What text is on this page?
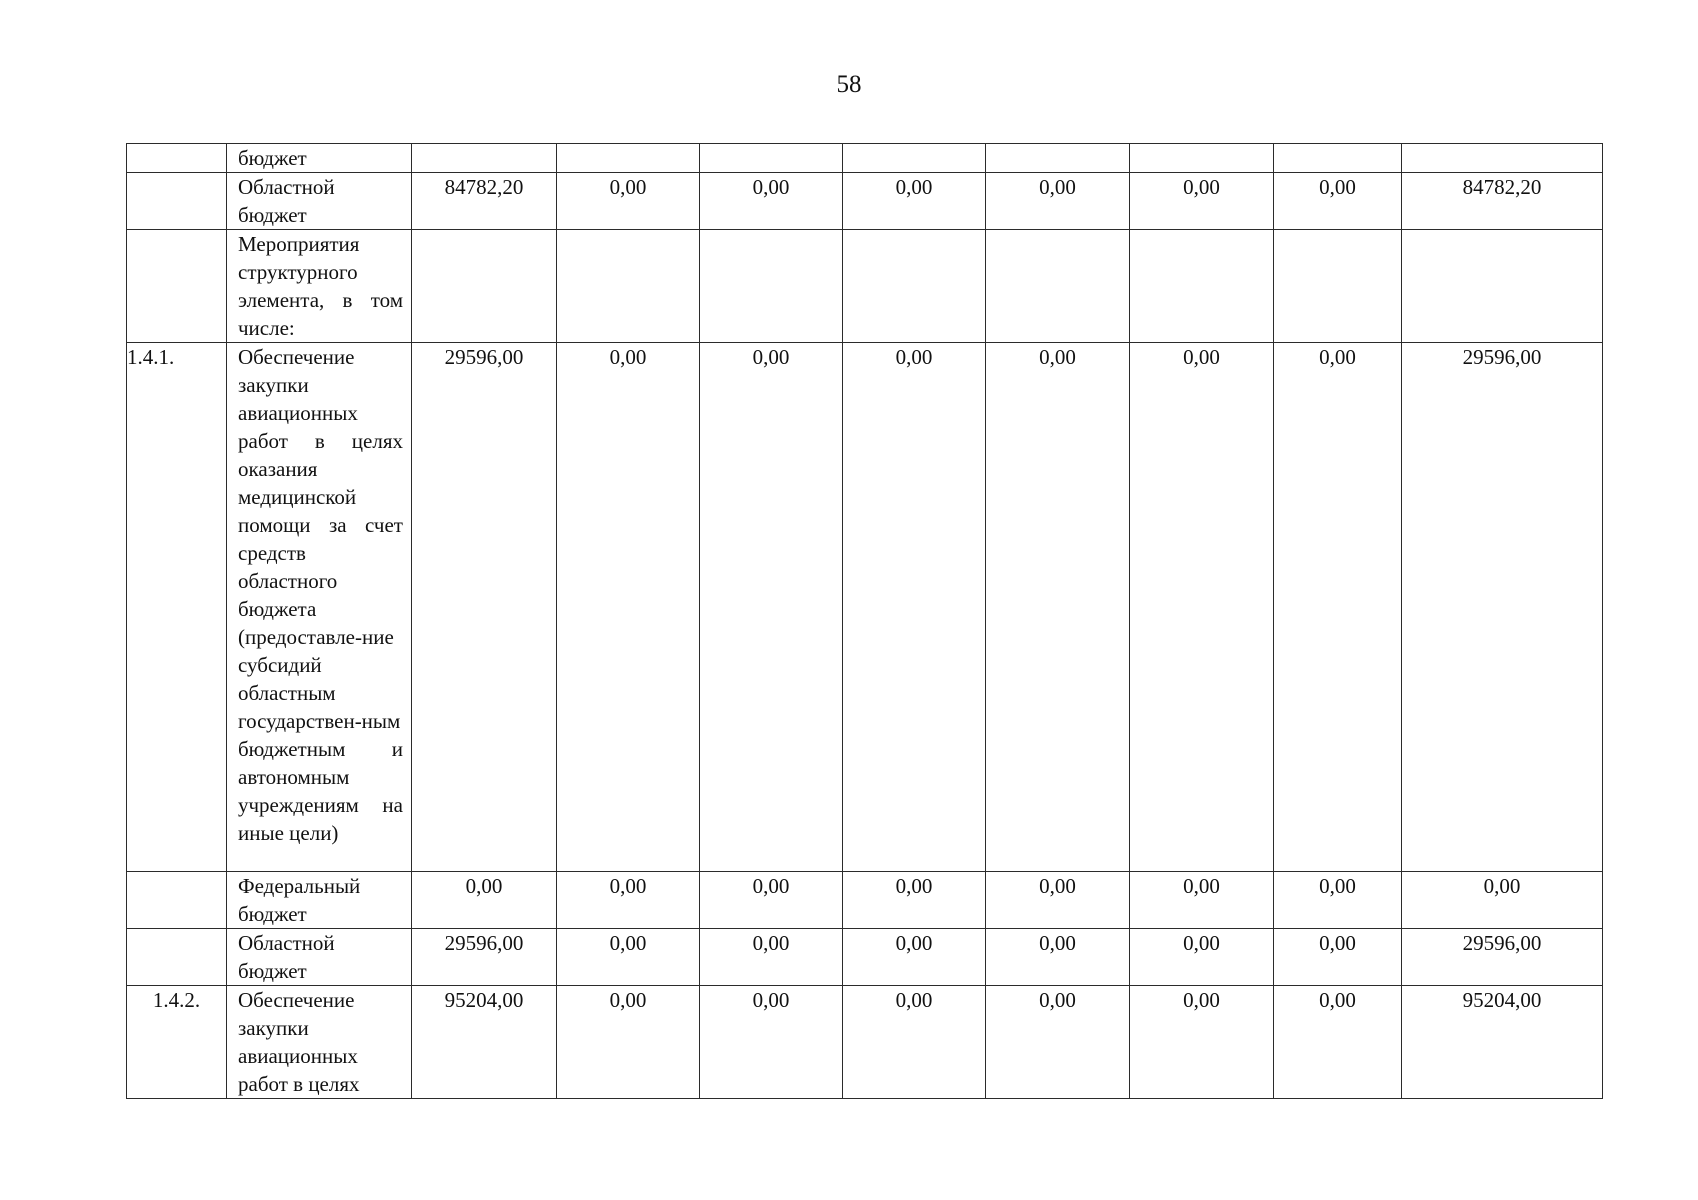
58
	бюджет								
	Областной бюджет	84782,20	0,00	0,00	0,00	0,00	0,00	0,00	84782,20
	Мероприятия структурного элемента, в том числе:								
1.4.1.	Обеспечение закупки авиационных работ в целях оказания медицинской помощи за счет средств областного бюджета (предоставле-ние субсидий областным государствен-ным бюджетным и автономным учреждениям на иные цели)	29596,00	0,00	0,00	0,00	0,00	0,00	0,00	29596,00
	Федеральный бюджет	0,00	0,00	0,00	0,00	0,00	0,00	0,00	0,00
	Областной бюджет	29596,00	0,00	0,00	0,00	0,00	0,00	0,00	29596,00
1.4.2.	Обеспечение закупки авиационных работ в целях	95204,00	0,00	0,00	0,00	0,00	0,00	0,00	95204,00
